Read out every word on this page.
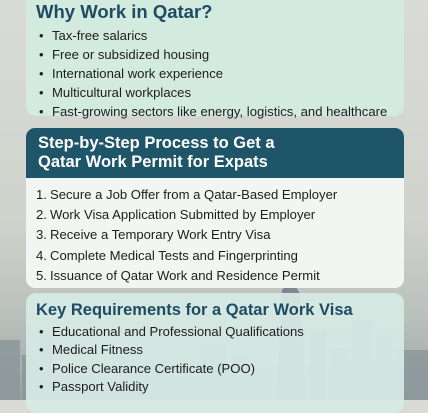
Why Work in Qatar?
• Tax-free salarics
• Free or subsidized housing
• International work experience
• Multicultural workplaces
• Fast-growing sectors like energy, logistics, and healthcare
Step-by-Step Process to Get a
Qatar Work Permit for Expats
1. Secure a Job Offer from a Qatar-Based Employer
2. Work Visa Application Submitted by Employer
3. Receive a Temporary Work Entry Visa
4. Complete Medical Tests and Fingerprinting
5. Issuance of Qatar Work and Residence Permit
Key Requirements for a Qatar Work Visa
• Educational and Professional Qualifications
• Medical Fitness
• Police Clearance Certificate (POO)
• Passport Validity
